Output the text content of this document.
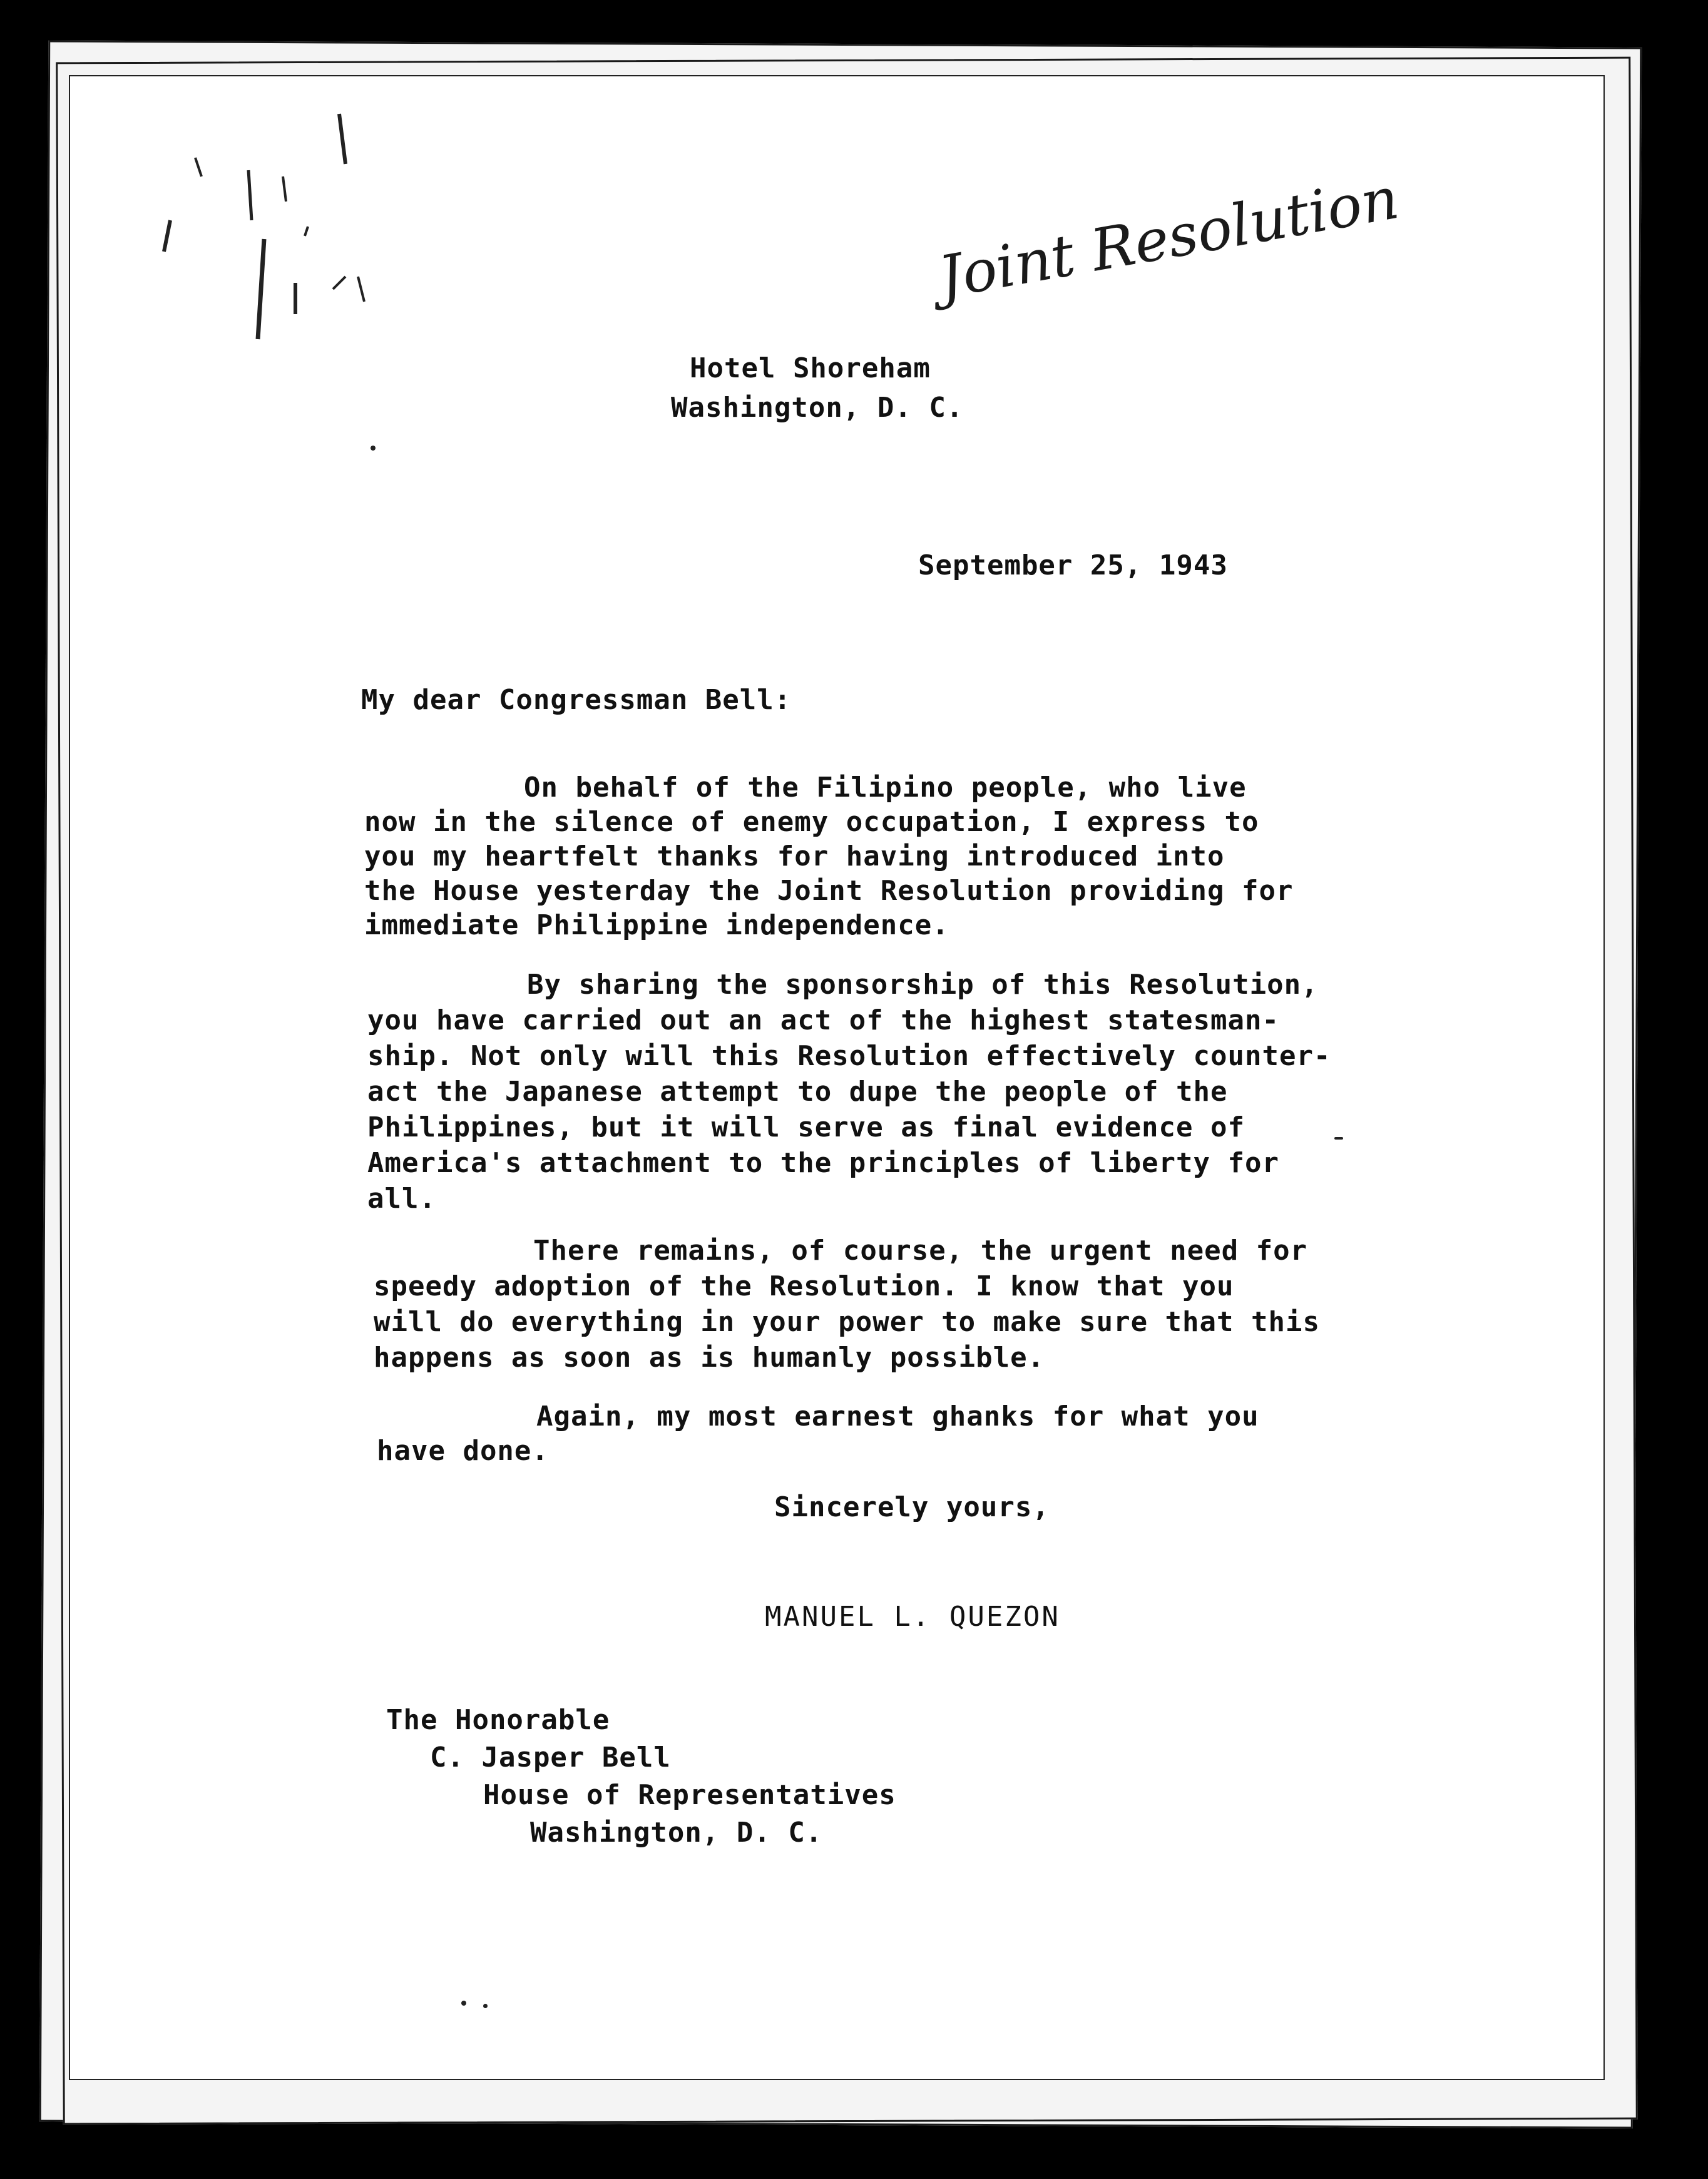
Joint Resolution
Hotel Shoreham
Washington, D. C.
September 25, 1943
My dear Congressman Bell:
On behalf of the Filipino people, who live
now in the silence of enemy occupation, I express to
you my heartfelt thanks for having introduced into
the House yesterday the Joint Resolution providing for
immediate Philippine independence.
By sharing the sponsorship of this Resolution,
you have carried out an act of the highest statesman-
ship. Not only will this Resolution effectively counter-
act the Japanese attempt to dupe the people of the
Philippines, but it will serve as final evidence of
America's attachment to the principles of liberty for
all.
There remains, of course, the urgent need for
speedy adoption of the Resolution. I know that you
will do everything in your power to make sure that this
happens as soon as is humanly possible.
Again, my most earnest ghanks for what you
have done.
Sincerely yours,
MANUEL L. QUEZON
The Honorable
C. Jasper Bell
House of Representatives
Washington, D. C.
